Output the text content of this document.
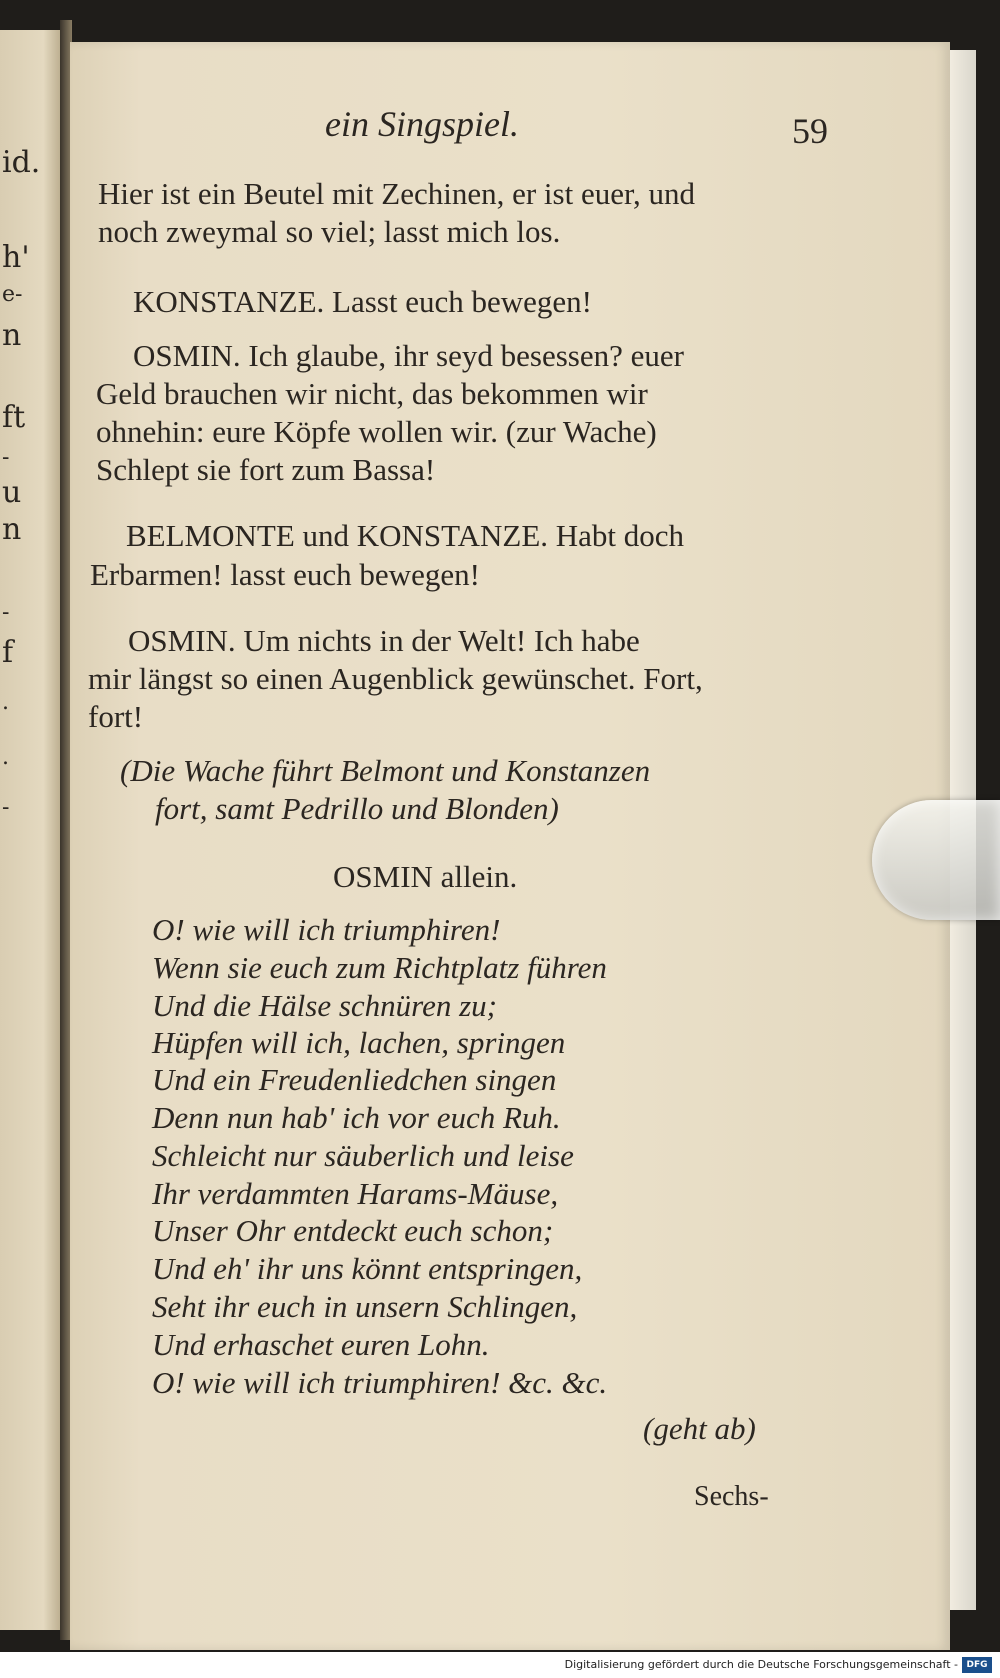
id.
h'
e-
n
ft
-
u
n
-
f
.
.
-
ein Singspiel.	59
Hier ist ein Beutel mit Zechinen, er ist euer, und
noch zweymal so viel; lasst mich los.
KONSTANZE. Lasst euch bewegen!
OSMIN. Ich glaube, ihr seyd besessen? euer
Geld brauchen wir nicht, das bekommen wir
ohnehin: eure Köpfe wollen wir. (zur Wache)
Schlept sie fort zum Bassa!
BELMONTE und KONSTANZE. Habt doch
Erbarmen! lasst euch bewegen!
OSMIN. Um nichts in der Welt! Ich habe
mir längst so einen Augenblick gewünschet. Fort,
fort!
(Die Wache führt Belmont und Konstanzen
fort, samt Pedrillo und Blonden)
OSMIN allein.
O! wie will ich triumphiren!
Wenn sie euch zum Richtplatz führen
Und die Hälse schnüren zu;
Hüpfen will ich, lachen, springen
Und ein Freudenliedchen singen
Denn nun hab' ich vor euch Ruh.
Schleicht nur säuberlich und leise
Ihr verdammten Harams-Mäuse,
Unser Ohr entdeckt euch schon;
Und eh' ihr uns könnt entspringen,
Seht ihr euch in unsern Schlingen,
Und erhaschet euren Lohn.
O! wie will ich triumphiren! &c. &c.
(geht ab)
Sechs-
Digitalisierung gefördert durch die Deutsche Forschungsgemeinschaft - DFG
